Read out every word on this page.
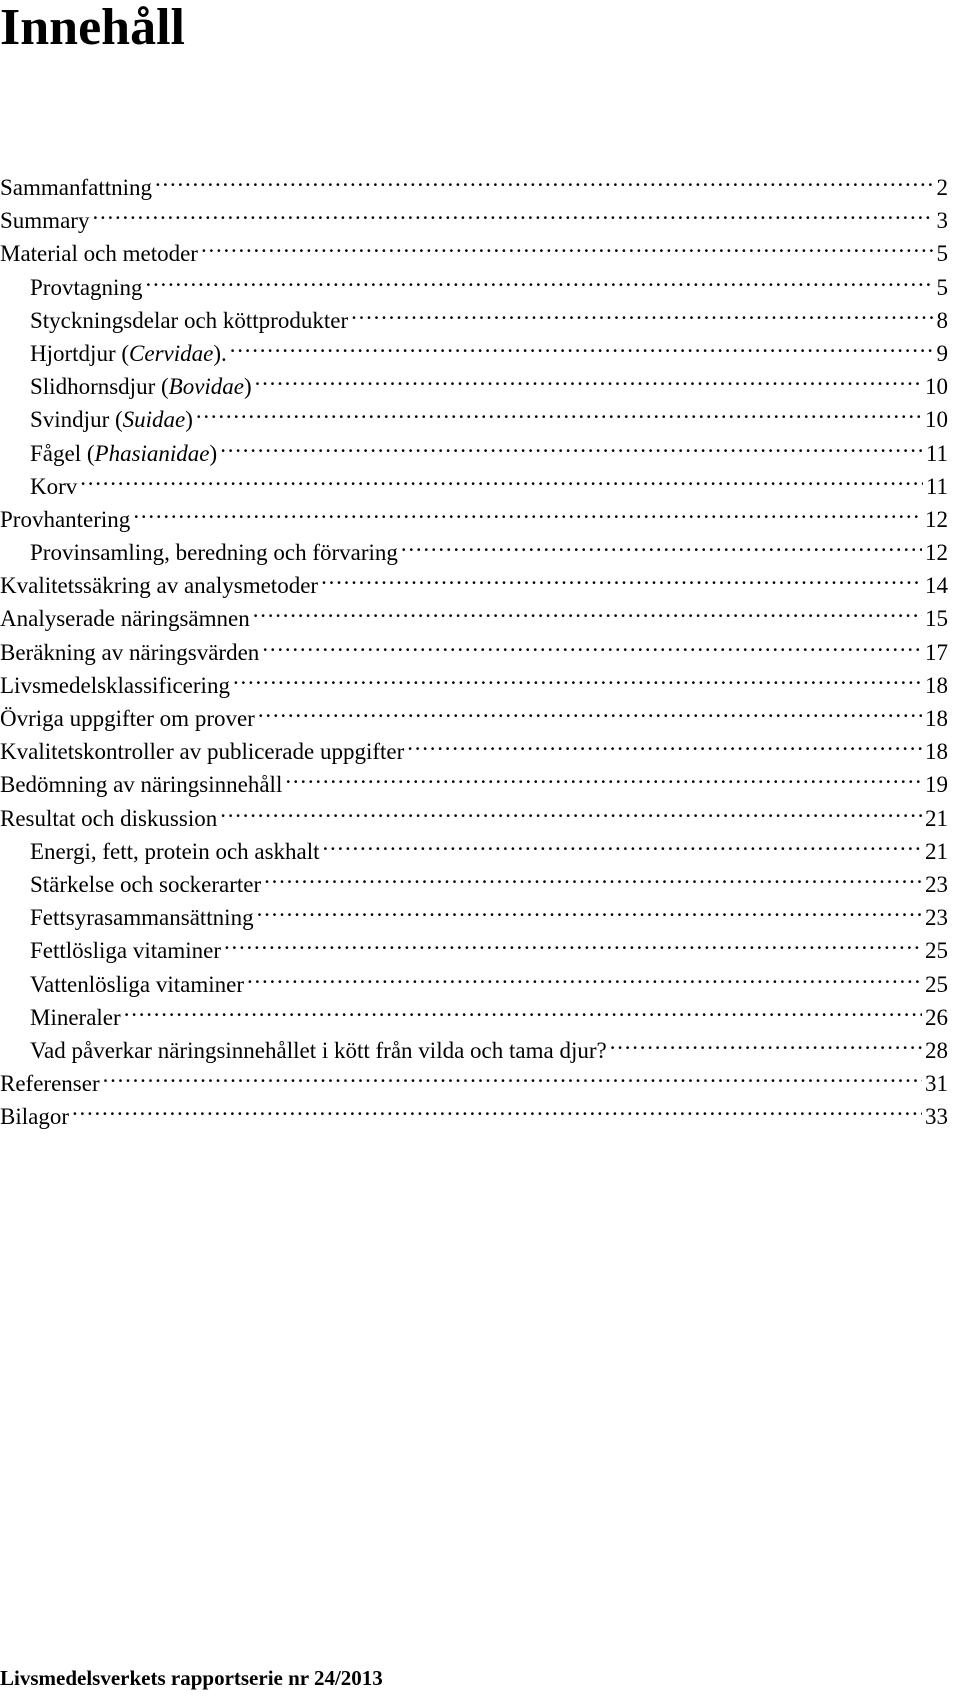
Innehåll
Sammanfattning . . .	2
Summary . . .	3
Material och metoder . . .	5
Provtagning . . .	5
Styckningsdelar och köttprodukter . . .	8
Hjortdjur (Cervidae). . . .	9
Slidhornsdjur (Bovidae) . . .	10
Svindjur (Suidae) . . .	10
Fågel (Phasianidae) . . .	11
Korv . . .	11
Provhantering . . .	12
Provinsamling, beredning och förvaring . . .	12
Kvalitetssäkring av analysmetoder . . .	14
Analyserade näringsämnen . . .	15
Beräkning av näringsvärden . . .	17
Livsmedelsklassificering . . .	18
Övriga uppgifter om prover . . .	18
Kvalitetskontroller av publicerade uppgifter . . .	18
Bedömning av näringsinnehåll . . .	19
Resultat och diskussion . . .	21
Energi, fett, protein och askhalt . . .	21
Stärkelse och sockerarter . . .	23
Fettsyrasammansättning . . .	23
Fettlösliga vitaminer . . .	25
Vattenlösliga vitaminer . . .	25
Mineraler . . .	26
Vad påverkar näringsinnehållet i kött från vilda och tama djur? . . .	28
Referenser . . .	31
Bilagor . . .	33

Livsmedelsverkets rapportserie nr 24/2013
